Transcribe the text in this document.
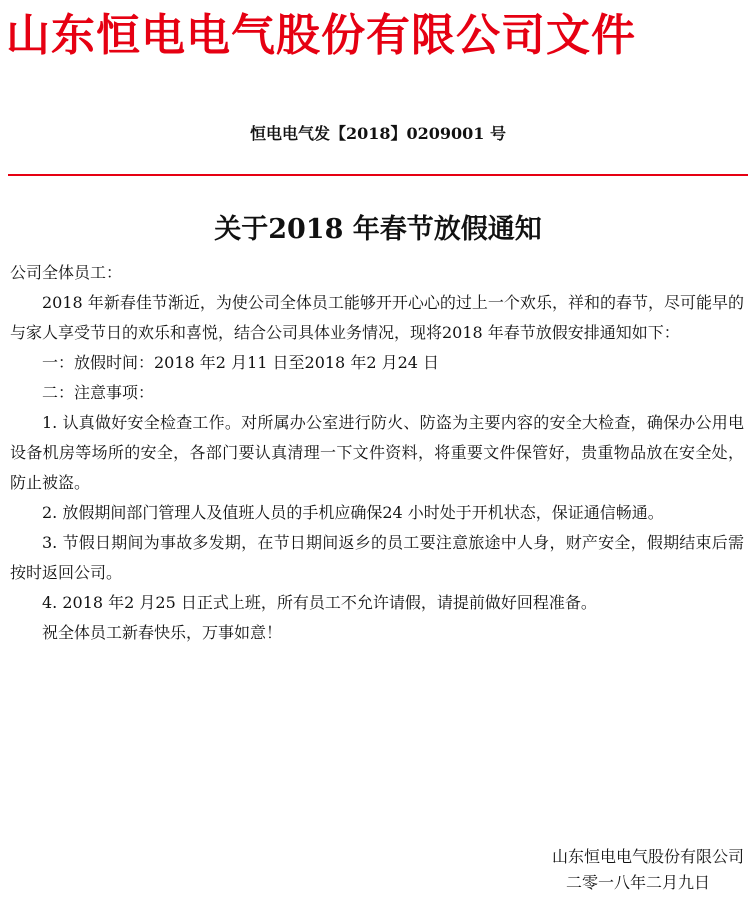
山东恒电电气股份有限公司文件
恒电电气发【2018】0209001 号
关于2018 年春节放假通知

公司全体员工：

2018 年新春佳节渐近，为使公司全体员工能够开开心心的过上一个欢乐，祥和的春节，尽可能早的与家人享受节日的欢乐和喜悦，结合公司具体业务情况，现将2018 年春节放假安排通知如下：

一：放假时间：2018 年2 月11 日至2018 年2 月24 日

二：注意事项：

1. 认真做好安全检查工作。对所属办公室进行防火、防盗为主要内容的安全大检查，确保办公用电设备机房等场所的安全，各部门要认真清理一下文件资料，将重要文件保管好，贵重物品放在安全处，防止被盗。

2. 放假期间部门管理人及值班人员的手机应确保24 小时处于开机状态，保证通信畅通。

3. 节假日期间为事故多发期，在节日期间返乡的员工要注意旅途中人身，财产安全，假期结束后需按时返回公司。

4. 2018 年2 月25 日正式上班，所有员工不允许请假，请提前做好回程准备。

祝全体员工新春快乐，万事如意！

山东恒电电气股份有限公司
二零一八年二月九日
